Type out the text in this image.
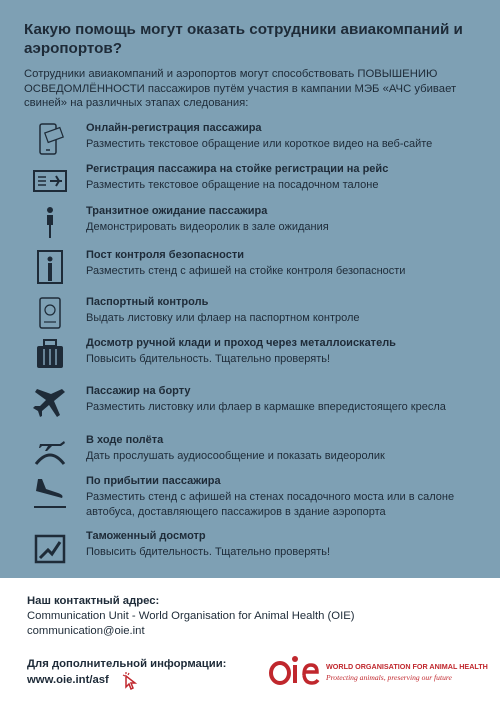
Какую помощь могут оказать сотрудники авиакомпаний и аэропортов?
Сотрудники авиакомпаний и аэропортов могут способствовать ПОВЫШЕНИЮ ОСВЕДОМЛЁННОСТИ пассажиров путём участия в кампании МЭБ «АЧС убивает свиней» на различных этапах следования:
Онлайн-регистрация пассажира
Разместить текстовое обращение или короткое видео на веб-сайте
Регистрация пассажира на стойке регистрации на рейс
Разместить текстовое обращение на посадочном талоне
Транзитное ожидание пассажира
Демонстрировать видеоролик в зале ожидания
Пост контроля безопасности
Разместить стенд с афишей на стойке контроля безопасности
Паспортный контроль
Выдать листовку или флаер на паспортном контроле
Досмотр ручной клади и проход через металлоискатель
Повысить бдительность. Тщательно проверять!
Пассажир на борту
Разместить листовку или флаер в кармашке впередистоящего кресла
В ходе полёта
Дать прослушать аудиосообщение и показать видеоролик
По прибытии пассажира
Разместить стенд с афишей на стенах посадочного моста или в салоне автобуса, доставляющего пассажиров в здание аэропорта
Таможенный досмотр
Повысить бдительность. Тщательно проверять!
Наш контактный адрес:
Communication Unit - World Organisation for Animal Health (OIE)
communication@oie.int
Для дополнительной информации:
www.oie.int/asf
WORLD ORGANISATION FOR ANIMAL HEALTH
Protecting animals, preserving our future
